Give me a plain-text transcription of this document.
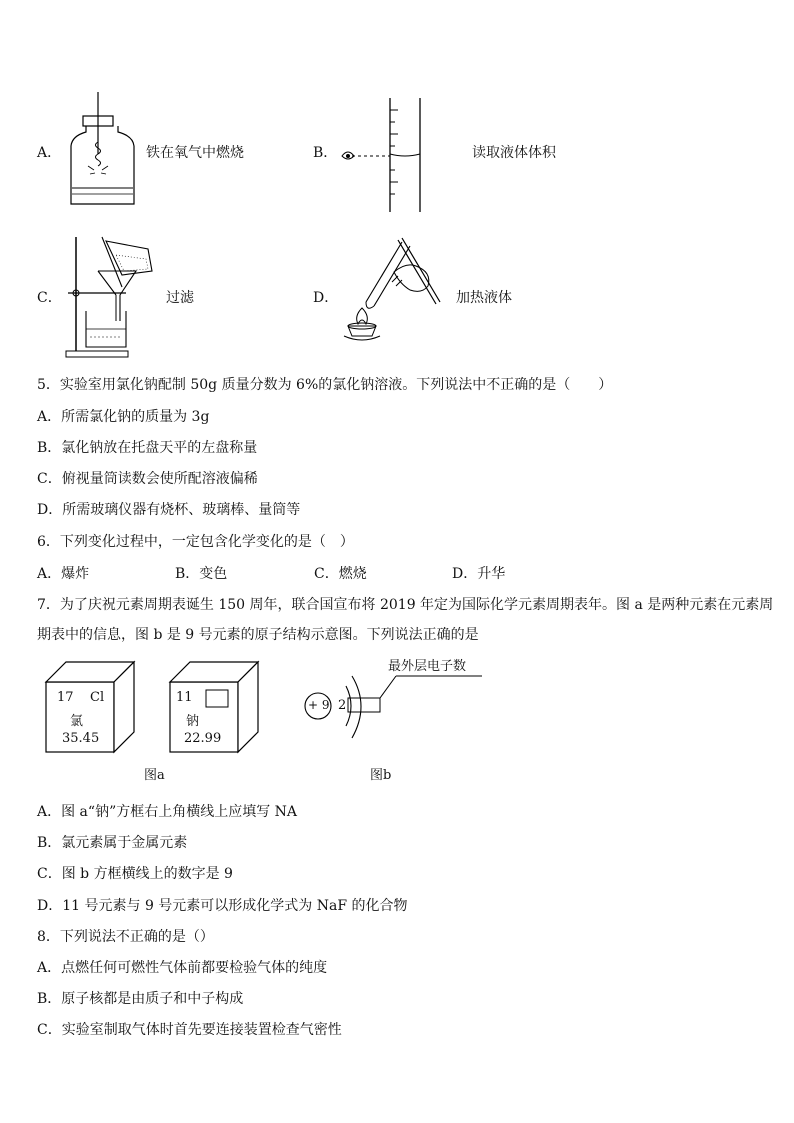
A．	铁在氧气中燃烧	B．	读取液体体积
C．	过滤	D．	加热液体
5．实验室用氯化钠配制 50g 质量分数为 6%的氯化钠溶液。下列说法中不正确的是（　　）
A．所需氯化钠的质量为 3g
B．氯化钠放在托盘天平的左盘称量
C．俯视量筒读数会使所配溶液偏稀
D．所需玻璃仪器有烧杯、玻璃棒、量筒等
6．下列变化过程中，一定包含化学变化的是（　）
A．爆炸	B．变色	C．燃烧	D．升华
7．为了庆祝元素周期表诞生 150 周年，联合国宣布将 2019 年定为国际化学元素周期表年。图 a 是两种元素在元素周
期表中的信息，图 b 是 9 号元素的原子结构示意图。下列说法正确的是
17 Cl
氯
35.45
11
钠
22.99
图a
+ 9 2
最外层电子数
图b
A．图 a“钠”方框右上角横线上应填写 NA
B．氯元素属于金属元素
C．图 b 方框横线上的数字是 9
D．11 号元素与 9 号元素可以形成化学式为 NaF 的化合物
8．下列说法不正确的是（）
A．点燃任何可燃性气体前都要检验气体的纯度
B．原子核都是由质子和中子构成
C．实验室制取气体时首先要连接装置检查气密性
